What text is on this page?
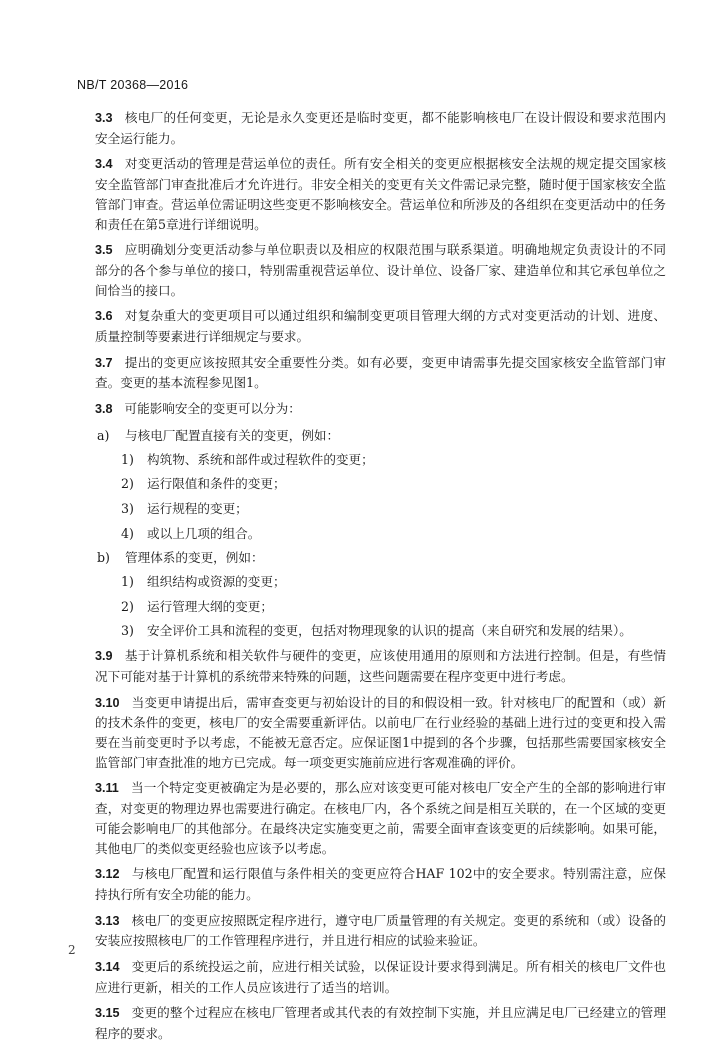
NB/T 20368—2016

3.3 核电厂的任何变更，无论是永久变更还是临时变更，都不能影响核电厂在设计假设和要求范围内安全运行能力。

3.4 对变更活动的管理是营运单位的责任。所有安全相关的变更应根据核安全法规的规定提交国家核安全监管部门审查批准后才允许进行。非安全相关的变更有关文件需记录完整，随时便于国家核安全监管部门审查。营运单位需证明这些变更不影响核安全。营运单位和所涉及的各组织在变更活动中的任务和责任在第5章进行详细说明。

3.5 应明确划分变更活动参与单位职责以及相应的权限范围与联系渠道。明确地规定负责设计的不同部分的各个参与单位的接口，特别需重视营运单位、设计单位、设备厂家、建造单位和其它承包单位之间恰当的接口。

3.6 对复杂重大的变更项目可以通过组织和编制变更项目管理大纲的方式对变更活动的计划、进度、质量控制等要素进行详细规定与要求。

3.7 提出的变更应该按照其安全重要性分类。如有必要，变更申请需事先提交国家核安全监管部门审查。变更的基本流程参见图1。

3.8 可能影响安全的变更可以分为：

a)	与核电厂配置直接有关的变更，例如：
1)	构筑物、系统和部件或过程软件的变更；
2)	运行限值和条件的变更；
3)	运行规程的变更；
4)	或以上几项的组合。
b)	管理体系的变更，例如：
1)	组织结构或资源的变更；
2)	运行管理大纲的变更；
3)	安全评价工具和流程的变更，包括对物理现象的认识的提高（来自研究和发展的结果）。

3.9 基于计算机系统和相关软件与硬件的变更，应该使用通用的原则和方法进行控制。但是，有些情况下可能对基于计算机的系统带来特殊的问题，这些问题需要在程序变更中进行考虑。

3.10 当变更申请提出后，需审查变更与初始设计的目的和假设相一致。针对核电厂的配置和（或）新的技术条件的变更，核电厂的安全需要重新评估。以前电厂在行业经验的基础上进行过的变更和投入需要在当前变更时予以考虑，不能被无意否定。应保证图1中提到的各个步骤，包括那些需要国家核安全监管部门审查批准的地方已完成。每一项变更实施前应进行客观准确的评价。

3.11 当一个特定变更被确定为是必要的，那么应对该变更可能对核电厂安全产生的全部的影响进行审查，对变更的物理边界也需要进行确定。在核电厂内，各个系统之间是相互关联的，在一个区域的变更可能会影响电厂的其他部分。在最终决定实施变更之前，需要全面审查该变更的后续影响。如果可能，其他电厂的类似变更经验也应该予以考虑。

3.12 与核电厂配置和运行限值与条件相关的变更应符合HAF 102中的安全要求。特别需注意，应保持执行所有安全功能的能力。

3.13 核电厂的变更应按照既定程序进行，遵守电厂质量管理的有关规定。变更的系统和（或）设备的安装应按照核电厂的工作管理程序进行，并且进行相应的试验来验证。

3.14 变更后的系统投运之前，应进行相关试验，以保证设计要求得到满足。所有相关的核电厂文件也应进行更新，相关的工作人员应该进行了适当的培训。

3.15 变更的整个过程应在核电厂管理者或其代表的有效控制下实施，并且应满足电厂已经建立的管理程序的要求。

2
